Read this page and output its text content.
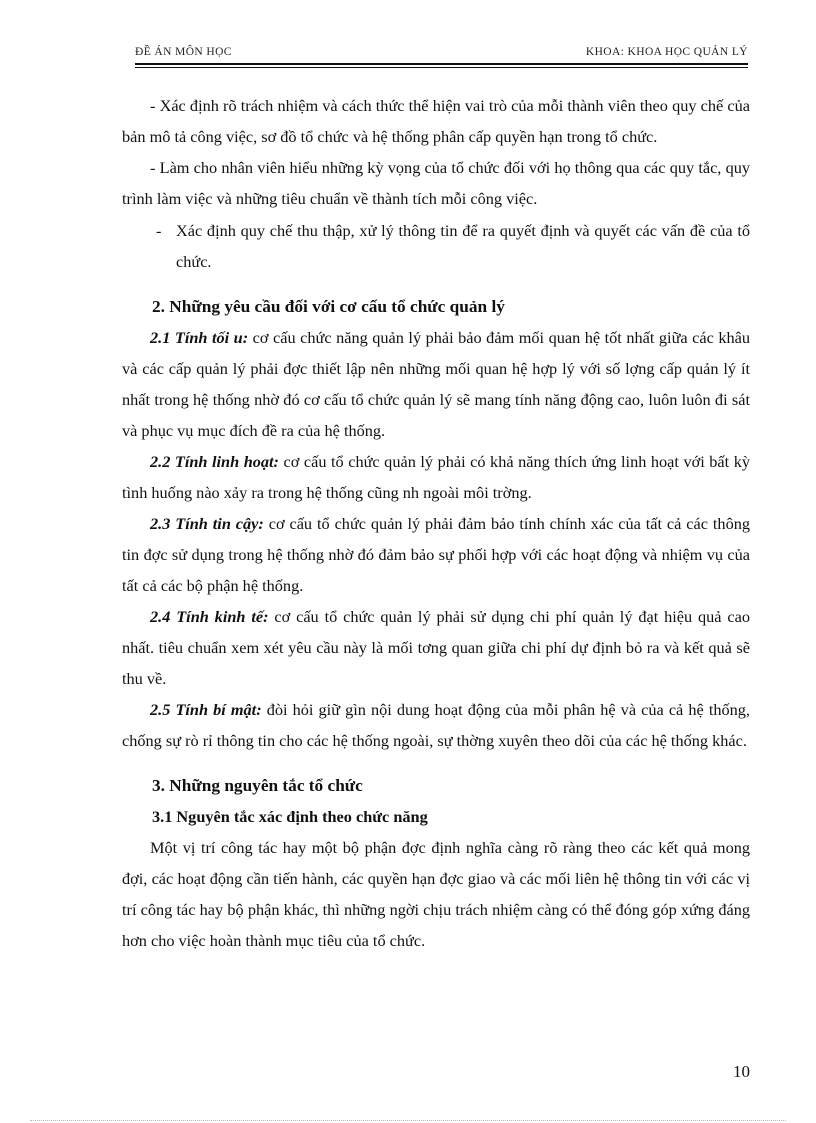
ĐỀ ÁN MÔN HỌC	KHOA: KHOA HỌC QUẢN LÝ

- Xác định rõ trách nhiệm và cách thức thể hiện vai trò của mỗi thành viên theo quy chế của bản mô tả công việc, sơ đồ tổ chức và hệ thống phân cấp quyền hạn trong tổ chức.

- Làm cho nhân viên hiểu những kỳ vọng của tổ chức đối với họ thông qua các quy tắc, quy trình làm việc và những tiêu chuẩn về thành tích mỗi công việc.

- Xác định quy chế thu thập, xử lý thông tin để ra quyết định và quyết các vấn đề của tổ chức.
2. Những yêu cầu đối với cơ cấu tổ chức quản lý

2.1 Tính tối u: cơ cấu chức năng quản lý phải bảo đảm mối quan hệ tốt nhất giữa các khâu và các cấp quản lý phải đợc thiết lập nên những mối quan hệ hợp lý với số lợng cấp quản lý ít nhất trong hệ thống nhờ đó cơ cấu tổ chức quản lý sẽ mang tính năng động cao, luôn luôn đi sát và phục vụ mục đích đề ra của hệ thống.

2.2 Tính linh hoạt: cơ cấu tổ chức quản lý phải có khả năng thích ứng linh hoạt với bất kỳ tình huống nào xảy ra trong hệ thống cũng nh ngoài môi trờng.

2.3 Tính tin cậy: cơ cấu tổ chức quản lý phải đảm bảo tính chính xác của tất cả các thông tin đợc sử dụng trong hệ thống nhờ đó đảm bảo sự phối hợp với các hoạt động và nhiệm vụ của tất cả các bộ phận hệ thống.

2.4 Tính kinh tế: cơ cấu tổ chức quản lý phải sử dụng chi phí quản lý đạt hiệu quả cao nhất. tiêu chuẩn xem xét yêu cầu này là mối tơng quan giữa chi phí dự định bỏ ra và kết quả sẽ thu về.

2.5 Tính bí mật: đòi hỏi giữ gìn nội dung hoạt động của mỗi phân hệ và của cả hệ thống, chống sự rò rỉ thông tin cho các hệ thống ngoài, sự thờng xuyên theo dõi của các hệ thống khác.

3. Những nguyên tắc tổ chức
3.1 Nguyên tắc xác định theo chức năng

Một vị trí công tác hay một bộ phận đợc định nghĩa càng rõ ràng theo các kết quả mong đợi, các hoạt động cần tiến hành, các quyền hạn đợc giao và các mối liên hệ thông tin với các vị trí công tác hay bộ phận khác, thì những ngời chịu trách nhiệm càng có thể đóng góp xứng đáng hơn cho việc hoàn thành mục tiêu của tổ chức.

10
